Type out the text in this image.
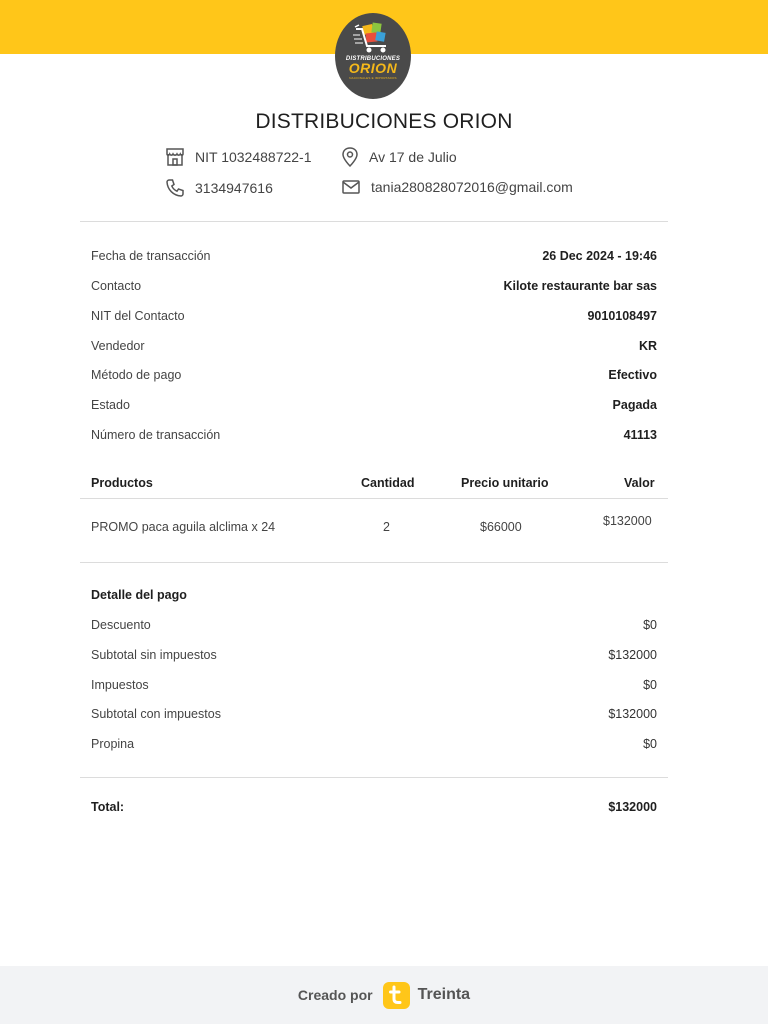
DISTRIBUCIONES
ORION
NACIONALES E IMPORTADOS
DISTRIBUCIONES ORION
NIT 1032488722-1	Av 17 de Julio
3134947616	tania280828072016@gmail.com
Fecha de transacción	26 Dec 2024 - 19:46
Contacto	Kilote restaurante bar sas
NIT del Contacto	9010108497
Vendedor	KR
Método de pago	Efectivo
Estado	Pagada
Número de transacción	41113
Productos	Cantidad	Precio unitario	Valor
PROMO paca aguila alclima x 24	2	$66000	$132000
Detalle del pago
Descuento	$0
Subtotal sin impuestos	$132000
Impuestos	$0
Subtotal con impuestos	$132000
Propina	$0
Total:	$132000
Creado por	Treinta
